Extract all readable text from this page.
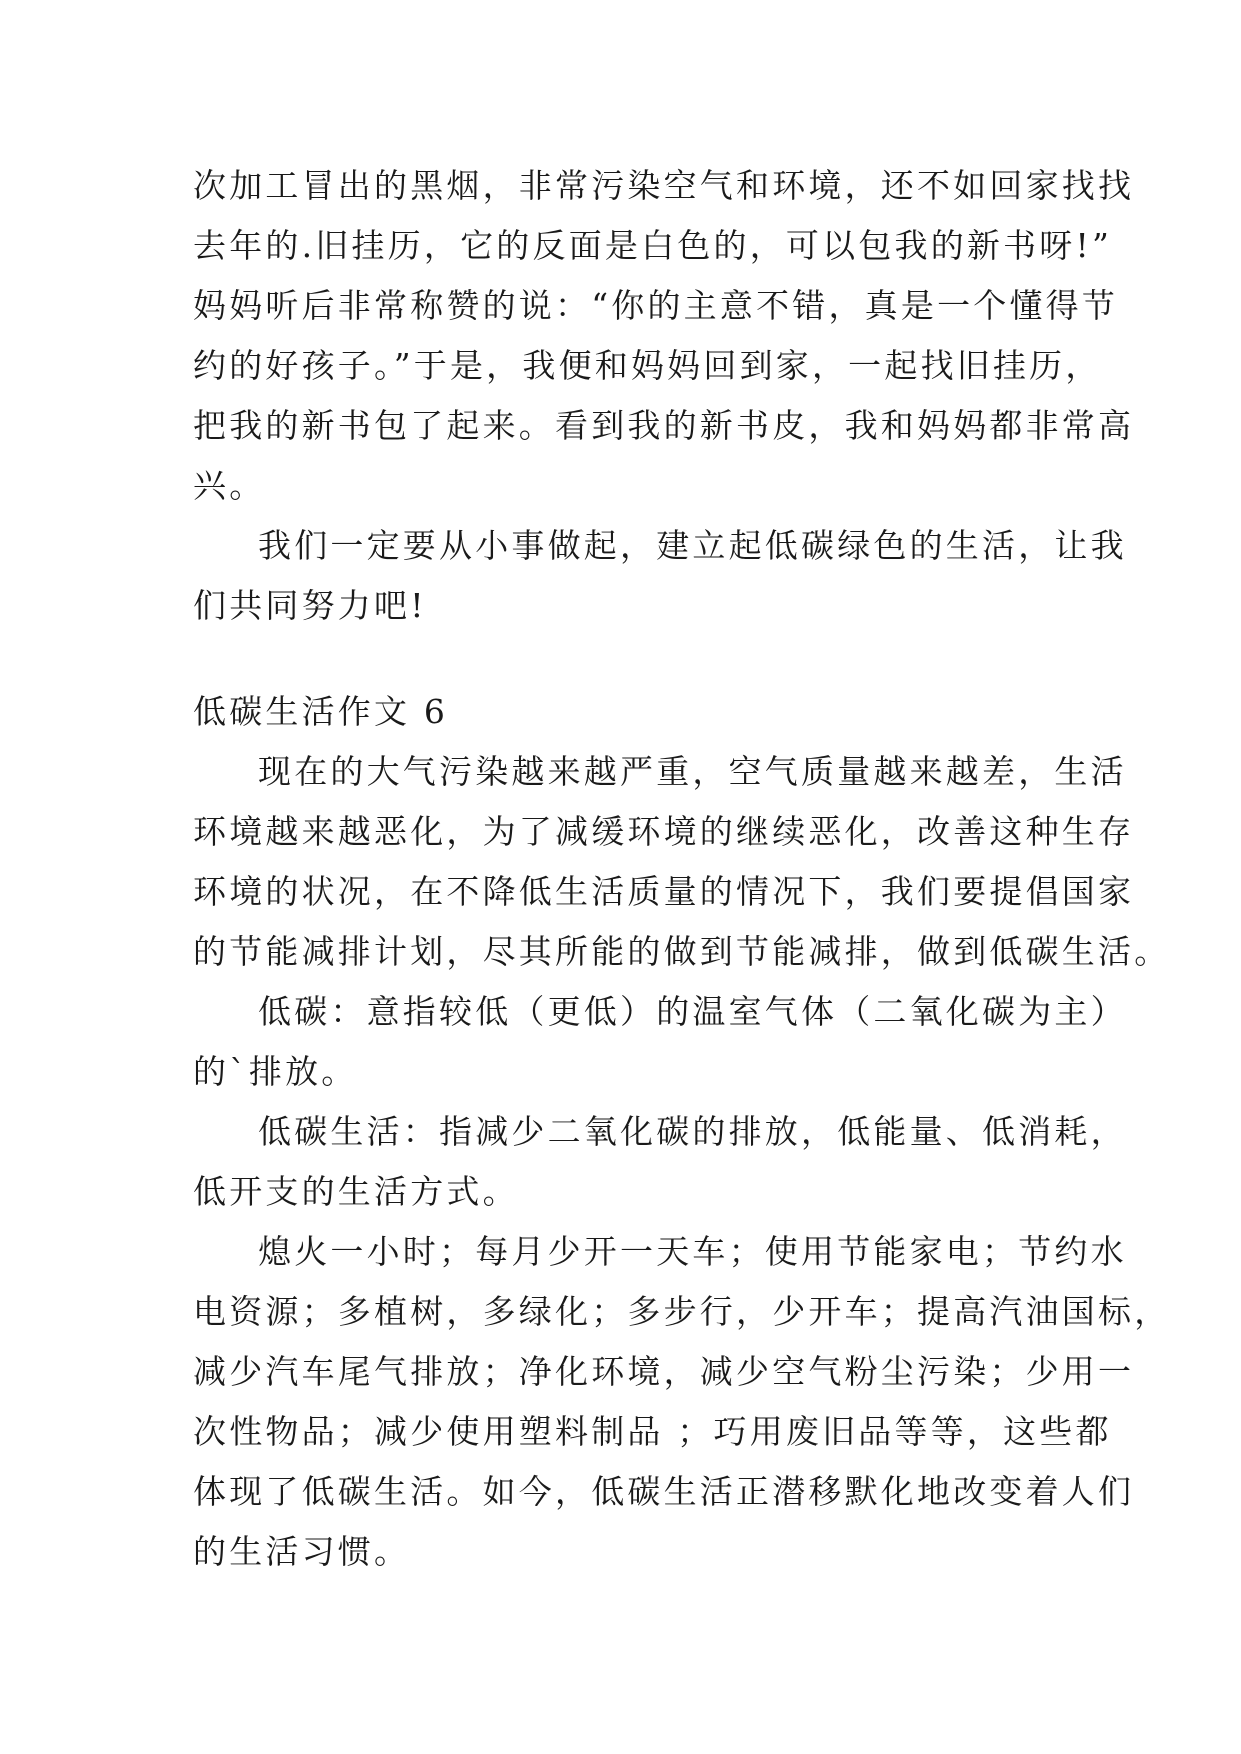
次加工冒出的黑烟，非常污染空气和环境，还不如回家找找
去年的.旧挂历，它的反面是白色的，可以包我的新书呀!”
妈妈听后非常称赞的说：“你的主意不错，真是一个懂得节
约的好孩子。”于是，我便和妈妈回到家，一起找旧挂历，
把我的新书包了起来。看到我的新书皮，我和妈妈都非常高
兴。
我们一定要从小事做起，建立起低碳绿色的生活，让我
们共同努力吧!
低碳生活作文 6
现在的大气污染越来越严重，空气质量越来越差，生活
环境越来越恶化，为了减缓环境的继续恶化，改善这种生存
环境的状况，在不降低生活质量的情况下，我们要提倡国家
的节能减排计划，尽其所能的做到节能减排，做到低碳生活。
低碳：意指较低（更低）的温室气体（二氧化碳为主）
的`排放。
低碳生活：指减少二氧化碳的排放，低能量、低消耗，
低开支的生活方式。
熄火一小时；每月少开一天车；使用节能家电；节约水
电资源；多植树，多绿化；多步行，少开车；提高汽油国标，
减少汽车尾气排放；净化环境，减少空气粉尘污染；少用一
次性物品；减少使用塑料制品 ；巧用废旧品等等，这些都
体现了低碳生活。如今，低碳生活正潜移默化地改变着人们
的生活习惯。
